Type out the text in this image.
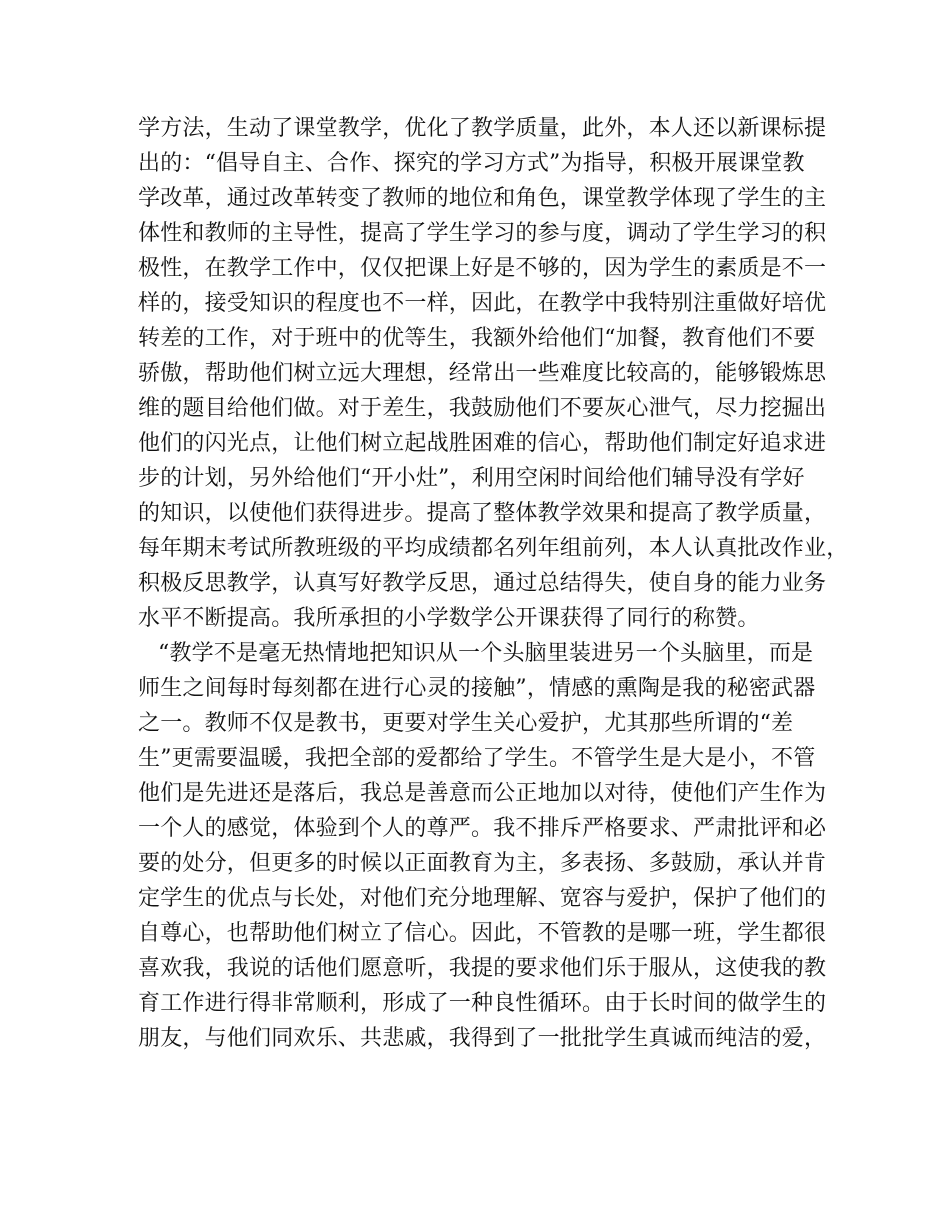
学方法，生动了课堂教学，优化了教学质量，此外，本人还以新课标提
出的：“倡导自主、合作、探究的学习方式”为指导，积极开展课堂教
学改革，通过改革转变了教师的地位和角色，课堂教学体现了学生的主
体性和教师的主导性，提高了学生学习的参与度，调动了学生学习的积
极性，在教学工作中，仅仅把课上好是不够的，因为学生的素质是不一
样的，接受知识的程度也不一样，因此，在教学中我特别注重做好培优
转差的工作，对于班中的优等生，我额外给他们“加餐，教育他们不要
骄傲，帮助他们树立远大理想，经常出一些难度比较高的，能够锻炼思
维的题目给他们做。对于差生，我鼓励他们不要灰心泄气，尽力挖掘出
他们的闪光点，让他们树立起战胜困难的信心，帮助他们制定好追求进
步的计划，另外给他们“开小灶”，利用空闲时间给他们辅导没有学好
的知识，以使他们获得进步。提高了整体教学效果和提高了教学质量，
每年期末考试所教班级的平均成绩都名列年组前列，本人认真批改作业，
积极反思教学，认真写好教学反思，通过总结得失，使自身的能力业务
水平不断提高。我所承担的小学数学公开课获得了同行的称赞。
“教学不是毫无热情地把知识从一个头脑里装进另一个头脑里，而是
师生之间每时每刻都在进行心灵的接触”，情感的熏陶是我的秘密武器
之一。教师不仅是教书，更要对学生关心爱护，尤其那些所谓的“差
生”更需要温暖，我把全部的爱都给了学生。不管学生是大是小，不管
他们是先进还是落后，我总是善意而公正地加以对待，使他们产生作为
一个人的感觉，体验到个人的尊严。我不排斥严格要求、严肃批评和必
要的处分，但更多的时候以正面教育为主，多表扬、多鼓励，承认并肯
定学生的优点与长处，对他们充分地理解、宽容与爱护，保护了他们的
自尊心，也帮助他们树立了信心。因此，不管教的是哪一班，学生都很
喜欢我，我说的话他们愿意听，我提的要求他们乐于服从，这使我的教
育工作进行得非常顺利，形成了一种良性循环。由于长时间的做学生的
朋友，与他们同欢乐、共悲戚，我得到了一批批学生真诚而纯洁的爱，
